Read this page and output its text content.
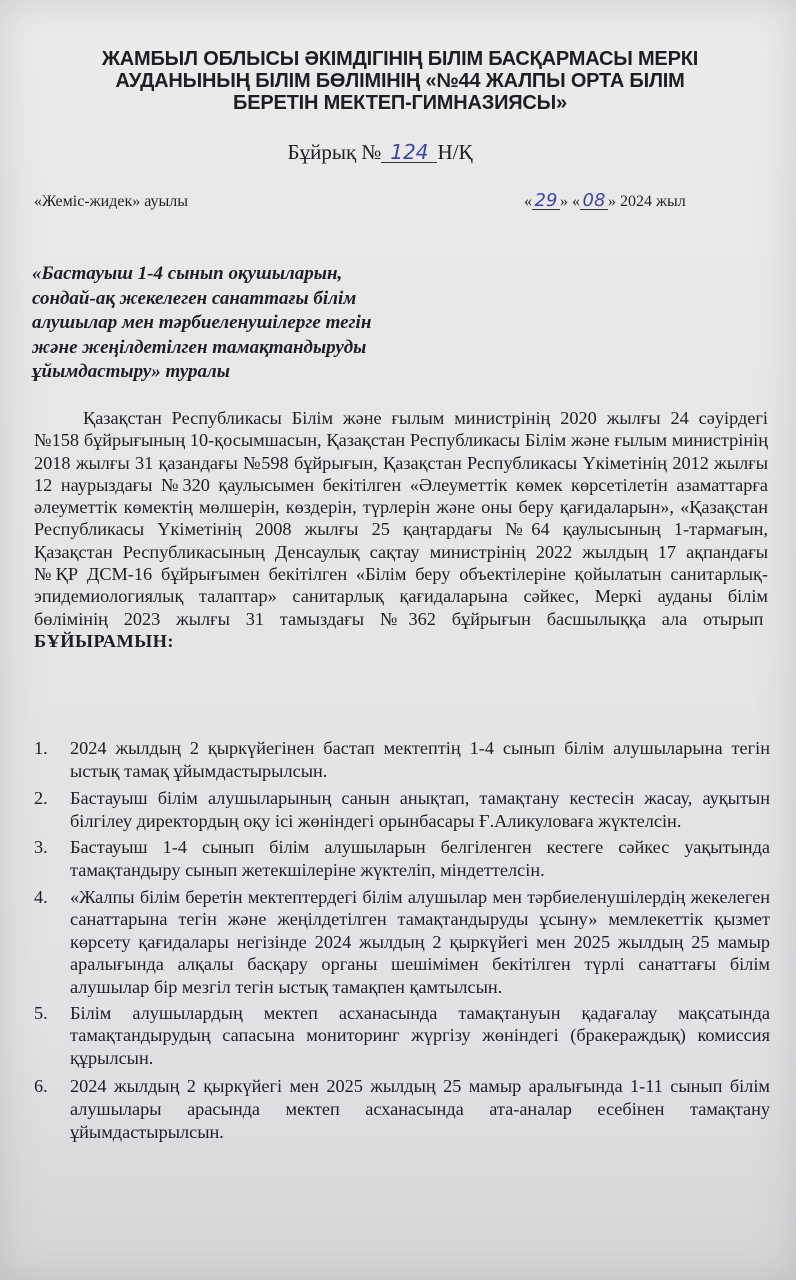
ЖАМБЫЛ ОБЛЫСЫ ӘКІМДІГІНІҢ БІЛІМ БАСҚАРМАСЫ МЕРКІ
АУДАНЫНЫҢ БІЛІМ БӨЛІМІНІҢ «№44 ЖАЛПЫ ОРТА БІЛІМ
БЕРЕТІН МЕКТЕП-ГИМНАЗИЯСЫ»
Бұйрық № 124 Н/Қ
«Жеміс-жидек» ауылы	« 29 » « 08 » 2024 жыл
«Бастауыш 1-4 сынып оқушыларын,
сондай-ақ жекелеген санаттағы білім
алушылар мен тәрбиеленушілерге тегін
және жеңілдетілген тамақтандыруды
ұйымдастыру» туралы
Қазақстан Республикасы Білім және ғылым министрінің 2020 жылғы 24 сәуірдегі №158 бұйрығының 10-қосымшасын, Қазақстан Республикасы Білім және ғылым министрінің 2018 жылғы 31 қазандағы №598 бұйрығын, Қазақстан Республикасы Үкіметінің 2012 жылғы 12 наурыздағы №320 қаулысымен бекітілген «Әлеуметтік көмек көрсетілетін азаматтарға әлеуметтік көмектің мөлшерін, көздерін, түрлерін және оны беру қағидаларын», «Қазақстан Республикасы Үкіметінің 2008 жылғы 25 қаңтардағы №64 қаулысының 1-тармағын, Қазақстан Республикасының Денсаулық сақтау министрінің 2022 жылдың 17 ақпандағы №ҚР ДСМ-16 бұйрығымен бекітілген «Білім беру объектілеріне қойылатын санитарлық-эпидемиологиялық талаптар» санитарлық қағидаларына сәйкес, Меркі ауданы білім бөлімінің 2023 жылғы 31 тамыздағы №362 бұйрығын басшылыққа ала отырып  БҰЙЫРАМЫН:
1. 2024 жылдың 2 қыркүйегінен бастап мектептің 1-4 сынып білім алушыларына тегін ыстық тамақ ұйымдастырылсын.
2. Бастауыш білім алушыларының санын анықтап, тамақтану кестесін жасау, ауқытын білгілеу директордың оқу ісі жөніндегі орынбасары Ғ.Аликуловаға жүктелсін.
3. Бастауыш 1-4 сынып білім алушыларын белгіленген кестеге сәйкес уақытында тамақтандыру сынып жетекшілеріне жүктеліп, міндеттелсін.
4. «Жалпы білім беретін мектептердегі білім алушылар мен тәрбиеленушілердің жекелеген санаттарына тегін және жеңілдетілген тамақтандыруды ұсыну» мемлекеттік қызмет көрсету қағидалары негізінде 2024 жылдың 2 қыркүйегі мен 2025 жылдың 25 мамыр аралығында алқалы басқару органы шешімімен бекітілген түрлі санаттағы білім алушылар бір мезгіл тегін ыстық тамақпен қамтылсын.
5. Білім алушылардың мектеп асханасында тамақтануын қадағалау мақсатында тамақтандырудың сапасына мониторинг жүргізу жөніндегі (бракераждық) комиссия құрылсын.
6. 2024 жылдың 2 қыркүйегі мен 2025 жылдың 25 мамыр аралығында 1-11 сынып білім алушылары арасында мектеп асханасында ата-аналар есебінен тамақтану ұйымдастырылсын.
